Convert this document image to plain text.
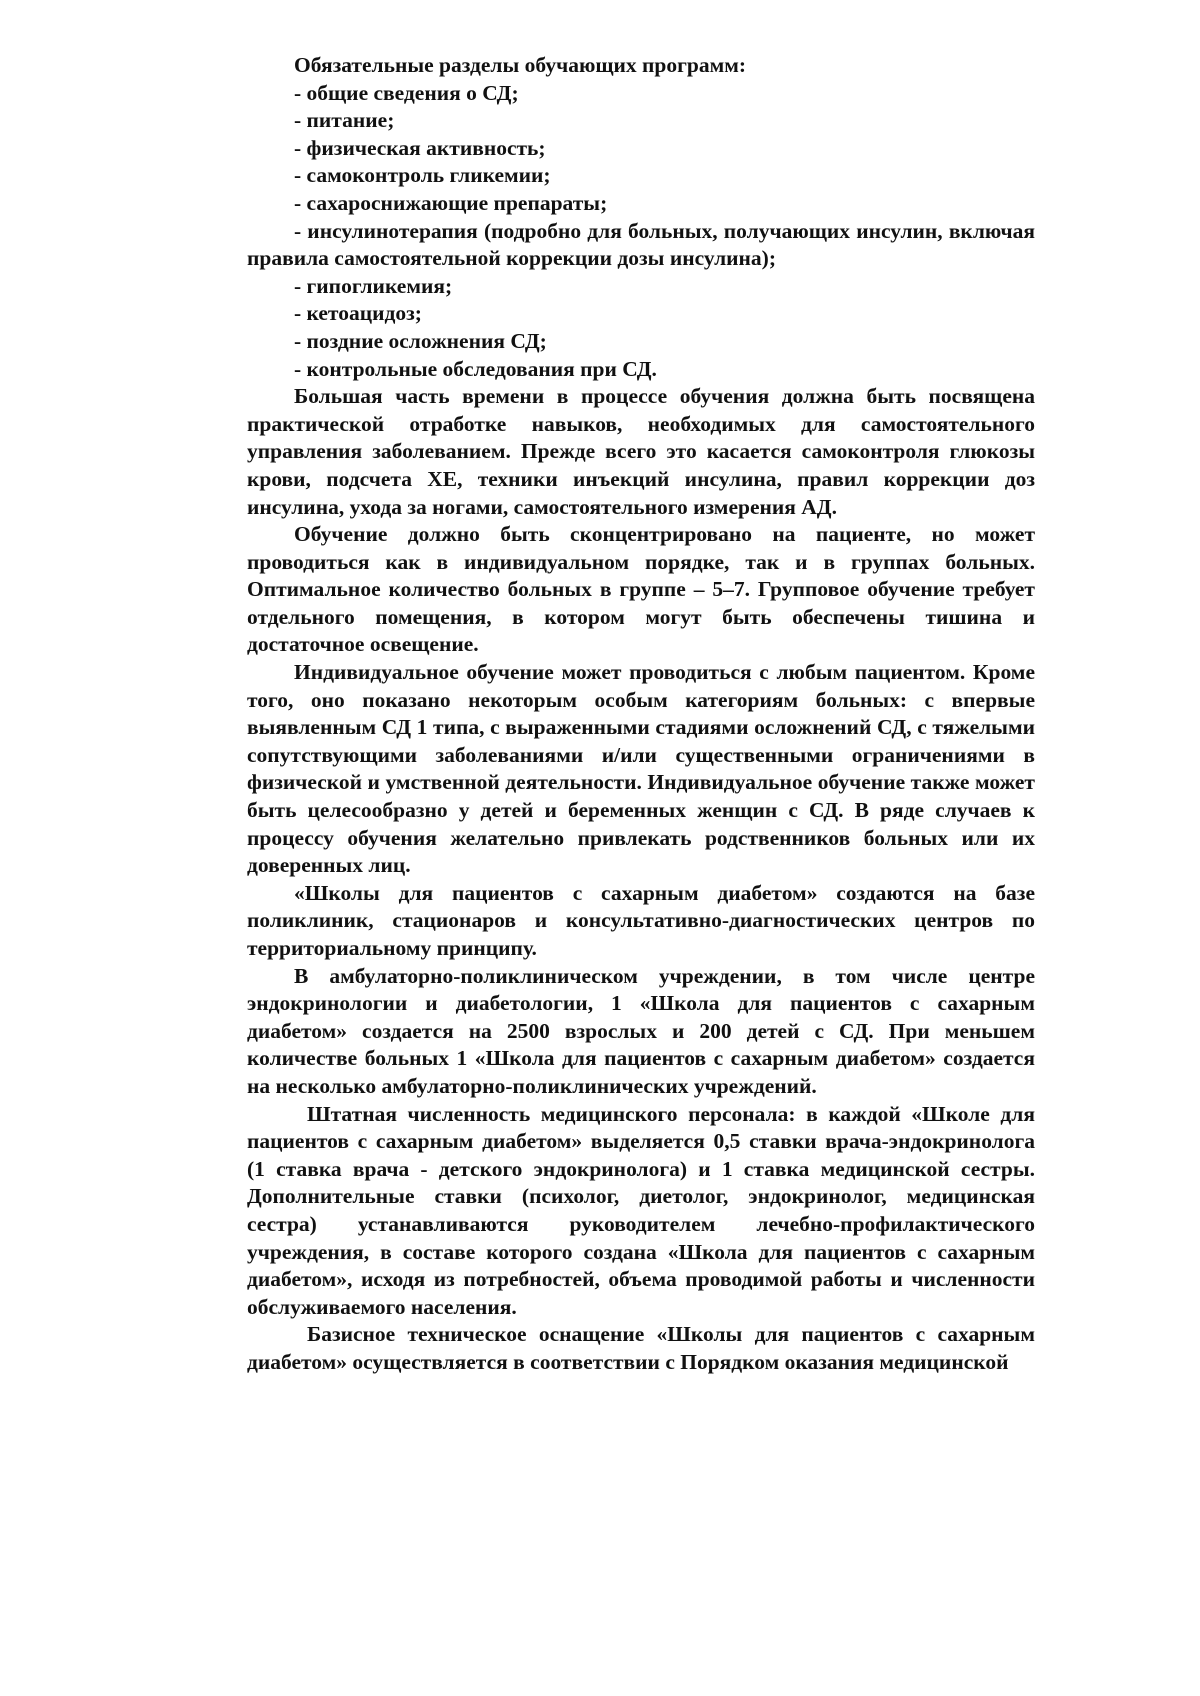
Обязательные разделы обучающих программ:

- общие сведения о СД;
- питание;
- физическая активность;
- самоконтроль гликемии;
- сахароснижающие препараты;
- инсулинотерапия (подробно для больных, получающих инсулин, включая правила самостоятельной коррекции дозы инсулина);
- гипогликемия;
- кетоацидоз;
- поздние осложнения СД;
- контрольные обследования при СД.

Большая часть времени в процессе обучения должна быть посвящена практической отработке навыков, необходимых для самостоятельного управления заболеванием. Прежде всего это касается самоконтроля глюкозы крови, подсчета ХЕ, техники инъекций инсулина, правил коррекции доз инсулина, ухода за ногами, самостоятельного измерения АД.

Обучение должно быть сконцентрировано на пациенте, но может проводиться как в индивидуальном порядке, так и в группах больных. Оптимальное количество больных в группе – 5–7. Групповое обучение требует отдельного помещения, в котором могут быть обеспечены тишина и достаточное освещение.

Индивидуальное обучение может проводиться с любым пациентом. Кроме того, оно показано некоторым особым категориям больных: с впервые выявленным СД 1 типа, с выраженными стадиями осложнений СД, с тяжелыми сопутствующими заболеваниями и/или существенными ограничениями в физической и умственной деятельности. Индивидуальное обучение также может быть целесообразно у детей и беременных женщин с СД. В ряде случаев к процессу обучения желательно привлекать родственников больных или их доверенных лиц.

«Школы для пациентов с сахарным диабетом» создаются на базе поликлиник, стационаров и консультативно-диагностических центров по территориальному принципу.

В амбулаторно-поликлиническом учреждении, в том числе центре эндокринологии и диабетологии, 1 «Школа для пациентов с сахарным диабетом» создается на 2500 взрослых и 200 детей с СД. При меньшем количестве больных 1 «Школа для пациентов с сахарным диабетом» создается на несколько амбулаторно-поликлинических учреждений.

Штатная численность медицинского персонала: в каждой «Школе для пациентов с сахарным диабетом» выделяется 0,5 ставки врача-эндокринолога (1 ставка врача - детского эндокринолога) и 1 ставка медицинской сестры. Дополнительные ставки (психолог, диетолог, эндокринолог, медицинская сестра) устанавливаются руководителем лечебно-профилактического учреждения, в составе которого создана «Школа для пациентов с сахарным диабетом», исходя из потребностей, объема проводимой работы и численности обслуживаемого населения.

Базисное техническое оснащение «Школы для пациентов с сахарным диабетом» осуществляется в соответствии с Порядком оказания медицинской
